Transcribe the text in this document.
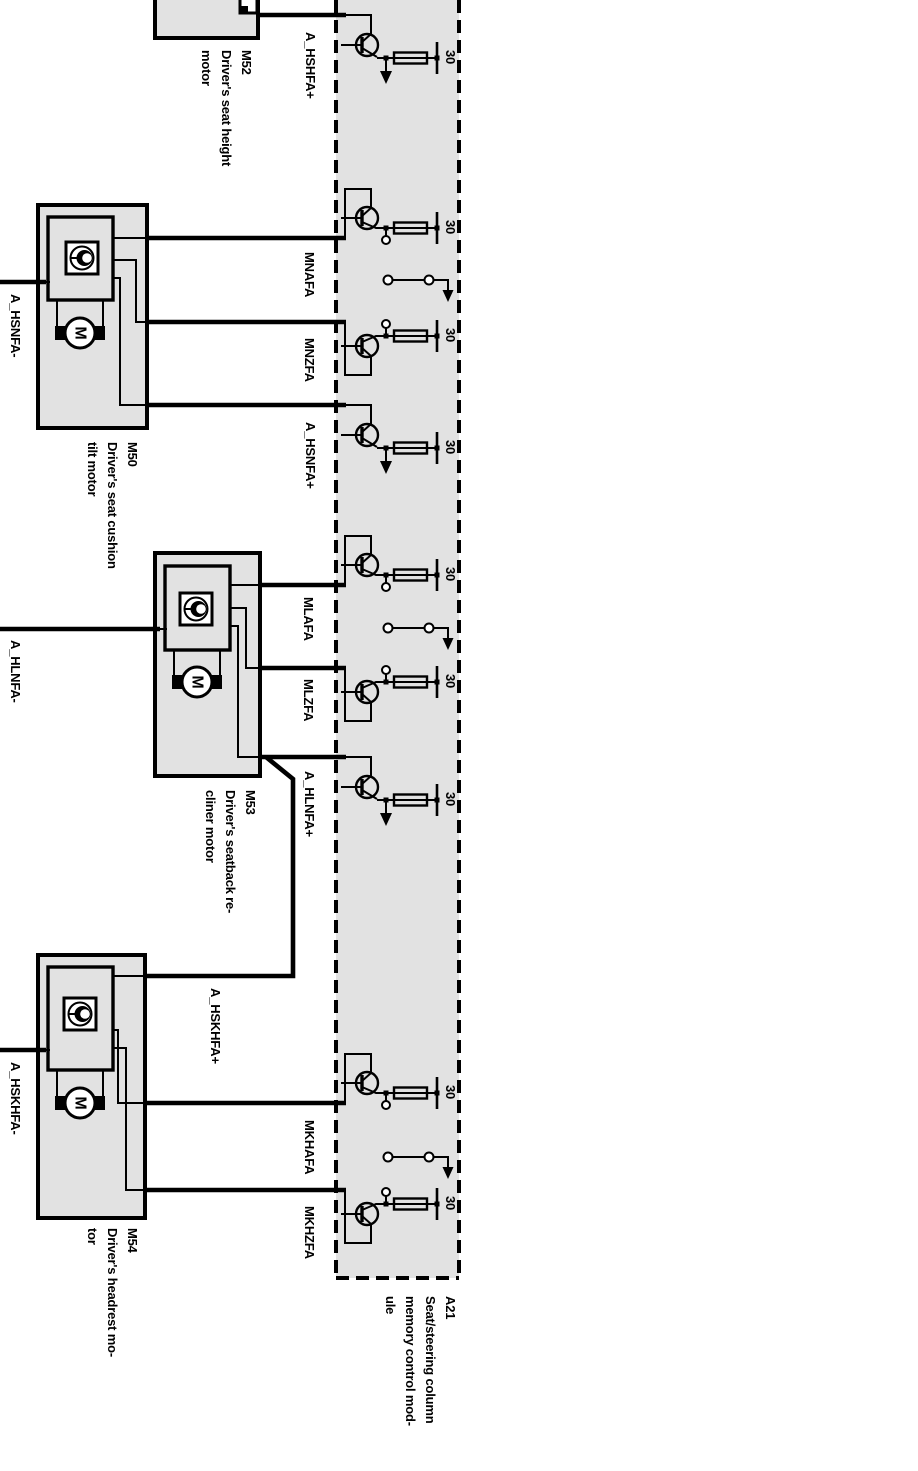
M
M
M
A_HSHFA+
MNAFA
MNZFA
A_HSNFA+
A_HSNFA-
MLAFA
MLZFA
A_HLNFA+
A_HLNFA-
A_HSKHFA+
MKHAFA
MKHZFA
A_HSKHFA-
30
30
30
30
30
30
30
30
30
M52
Driver's seat height
motor
M50
Driver's seat cushion
tilt motor
M53
Driver's seatback re-
cliner motor
M54
Driver's headrest mo-
tor
A21
Seat/steering column
memory control mod-
ule
